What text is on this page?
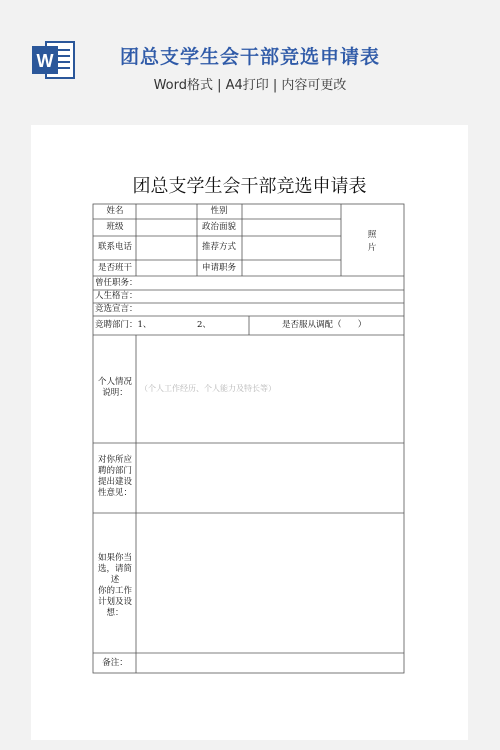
W	团总支学生会干部竞选申请表
Word格式 | A4打印 | 内容可更改
团总支学生会干部竞选申请表
姓名	性别
班级	政治面貌
联系电话	推荐方式
是否班干	申请职务
照
片
曾任职务：
人生格言：
竞选宣言：
竞聘部门：1、	2、	是否服从调配（      ）
个人情况
说明：	（个人工作经历、个人能力及特长等）
对你所应
聘的部门
提出建设
性意见：
如果你当
选，请简述
你的工作
计划及设
想：
备注：
